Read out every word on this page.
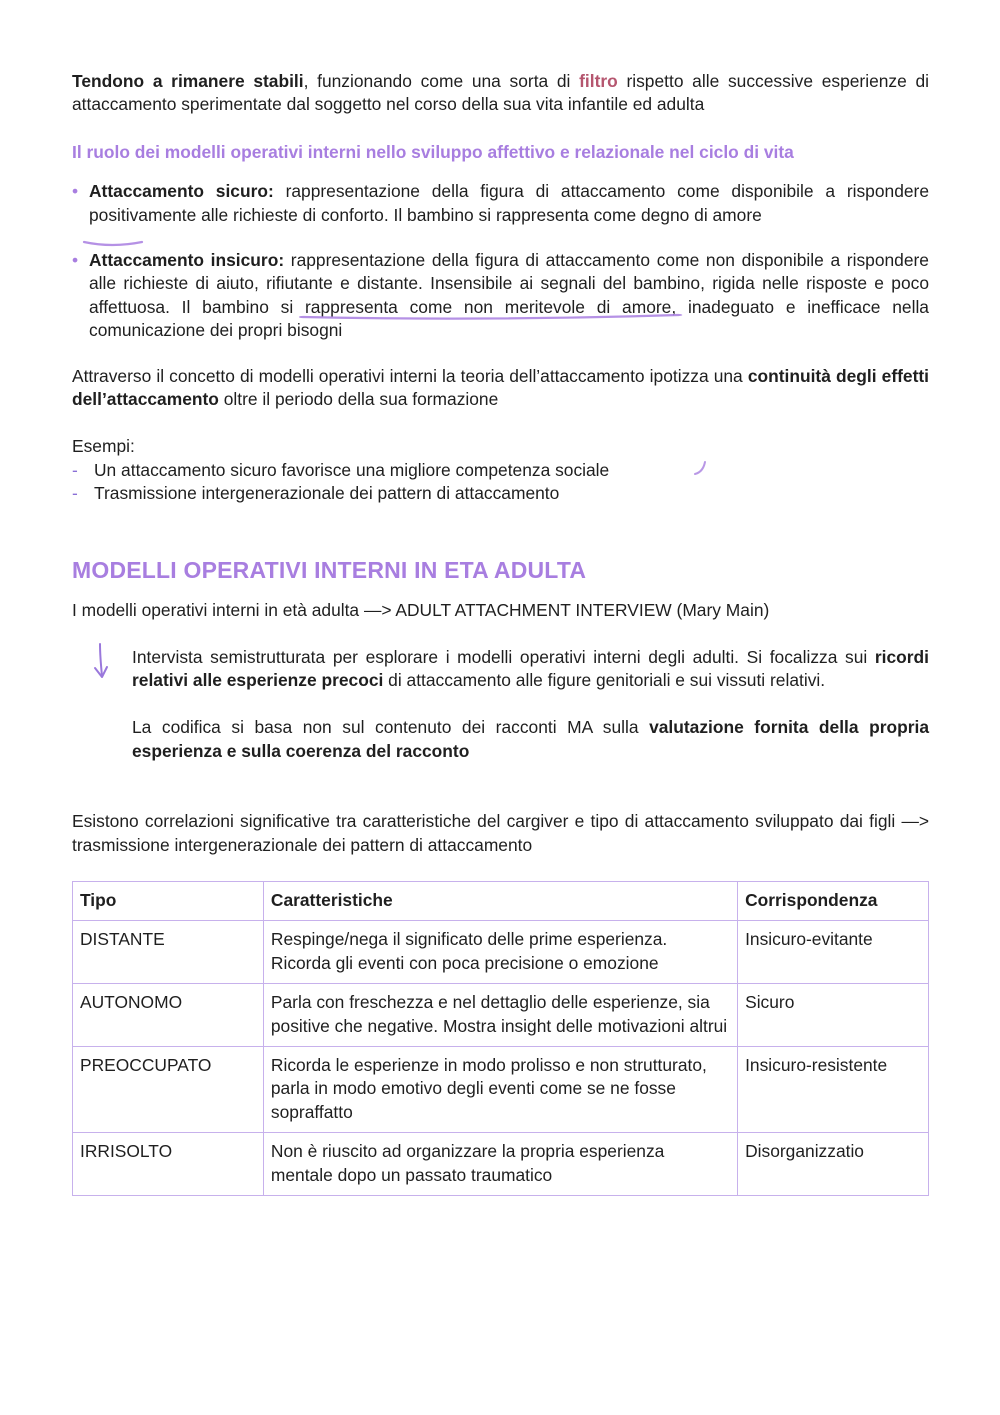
Tendono a rimanere stabili, funzionando come una sorta di filtro rispetto alle successive esperienze di attaccamento sperimentate dal soggetto nel corso della sua vita infantile ed adulta

Il ruolo dei modelli operativi interni nello sviluppo affettivo e relazionale nel ciclo di vita
• Attaccamento sicuro: rappresentazione della figura di attaccamento come disponibile a rispondere positivamente alle richieste di conforto. Il bambino si rappresenta come degno di amore
• Attaccamento insicuro: rappresentazione della figura di attaccamento come non disponibile a rispondere alle richieste di aiuto, rifiutante e distante. Insensibile ai segnali del bambino, rigida nelle risposte e poco affettuosa. Il bambino si rappresenta come non meritevole di amore,
inadeguato e inefficace nella comunicazione dei propri bisogni

Attraverso il concetto di modelli operativi interni la teoria dell’attaccamento ipotizza una continuità degli effetti dell’attaccamento oltre il periodo della sua formazione

Esempi:

- Un attaccamento sicuro favorisce una migliore competenza sociale
- Trasmissione intergenerazionale dei pattern di attaccamento
MODELLI OPERATIVI INTERNI IN ETA ADULTA

I modelli operativi interni in età adulta —> ADULT ATTACHMENT INTERVIEW (Mary Main)

Intervista semistrutturata per esplorare i modelli operativi interni degli adulti. Si focalizza sui ricordi relativi alle esperienze precoci di attaccamento alle figure genitoriali e sui vissuti relativi.

La codifica si basa non sul contenuto dei racconti MA sulla valutazione fornita della propria esperienza e sulla coerenza del racconto

Esistono correlazioni significative tra caratteristiche del cargiver e tipo di attaccamento sviluppato dai figli —> trasmissione intergenerazionale dei pattern di attaccamento

Tipo	Caratteristiche	Corrispondenza
DISTANTE	Respinge/nega il significato delle prime esperienza. Ricorda gli eventi con poca precisione o emozione	Insicuro-evitante
AUTONOMO	Parla con freschezza e nel dettaglio delle esperienze, sia positive che negative. Mostra insight delle motivazioni altrui	Sicuro
PREOCCUPATO	Ricorda le esperienze in modo prolisso e non strutturato, parla in modo emotivo degli eventi come se ne fosse sopraffatto	Insicuro-resistente
IRRISOLTO	Non è riuscito ad organizzare la propria esperienza mentale dopo un passato traumatico	Disorganizzatio
